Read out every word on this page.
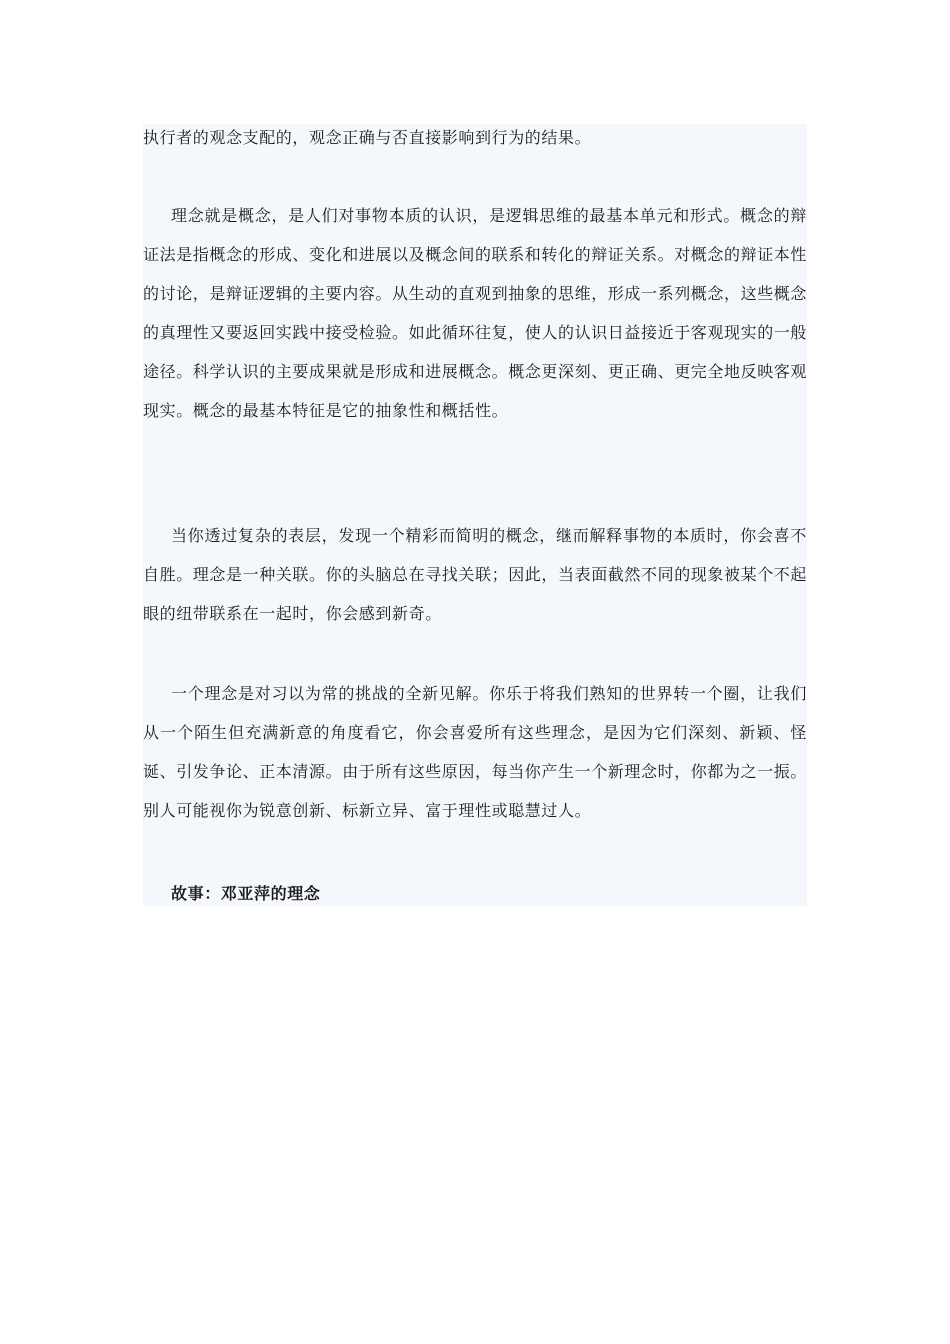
执行者的观念支配的，观念正确与否直接影响到行为的结果。

理念就是概念，是人们对事物本质的认识，是逻辑思维的最基本单元和形式。概念的辩证法是指概念的形成、变化和进展以及概念间的联系和转化的辩证关系。对概念的辩证本性的讨论，是辩证逻辑的主要内容。从生动的直观到抽象的思维，形成一系列概念，这些概念的真理性又要返回实践中接受检验。如此循环往复，使人的认识日益接近于客观现实的一般途径。科学认识的主要成果就是形成和进展概念。概念更深刻、更正确、更完全地反映客观现实。概念的最基本特征是它的抽象性和概括性。

当你透过复杂的表层，发现一个精彩而简明的概念，继而解释事物的本质时，你会喜不自胜。理念是一种关联。你的头脑总在寻找关联；因此，当表面截然不同的现象被某个不起眼的纽带联系在一起时，你会感到新奇。

一个理念是对习以为常的挑战的全新见解。你乐于将我们熟知的世界转一个圈，让我们从一个陌生但充满新意的角度看它，你会喜爱所有这些理念，是因为它们深刻、新颖、怪诞、引发争论、正本清源。由于所有这些原因，每当你产生一个新理念时，你都为之一振。别人可能视你为锐意创新、标新立异、富于理性或聪慧过人。

故事：邓亚萍的理念
